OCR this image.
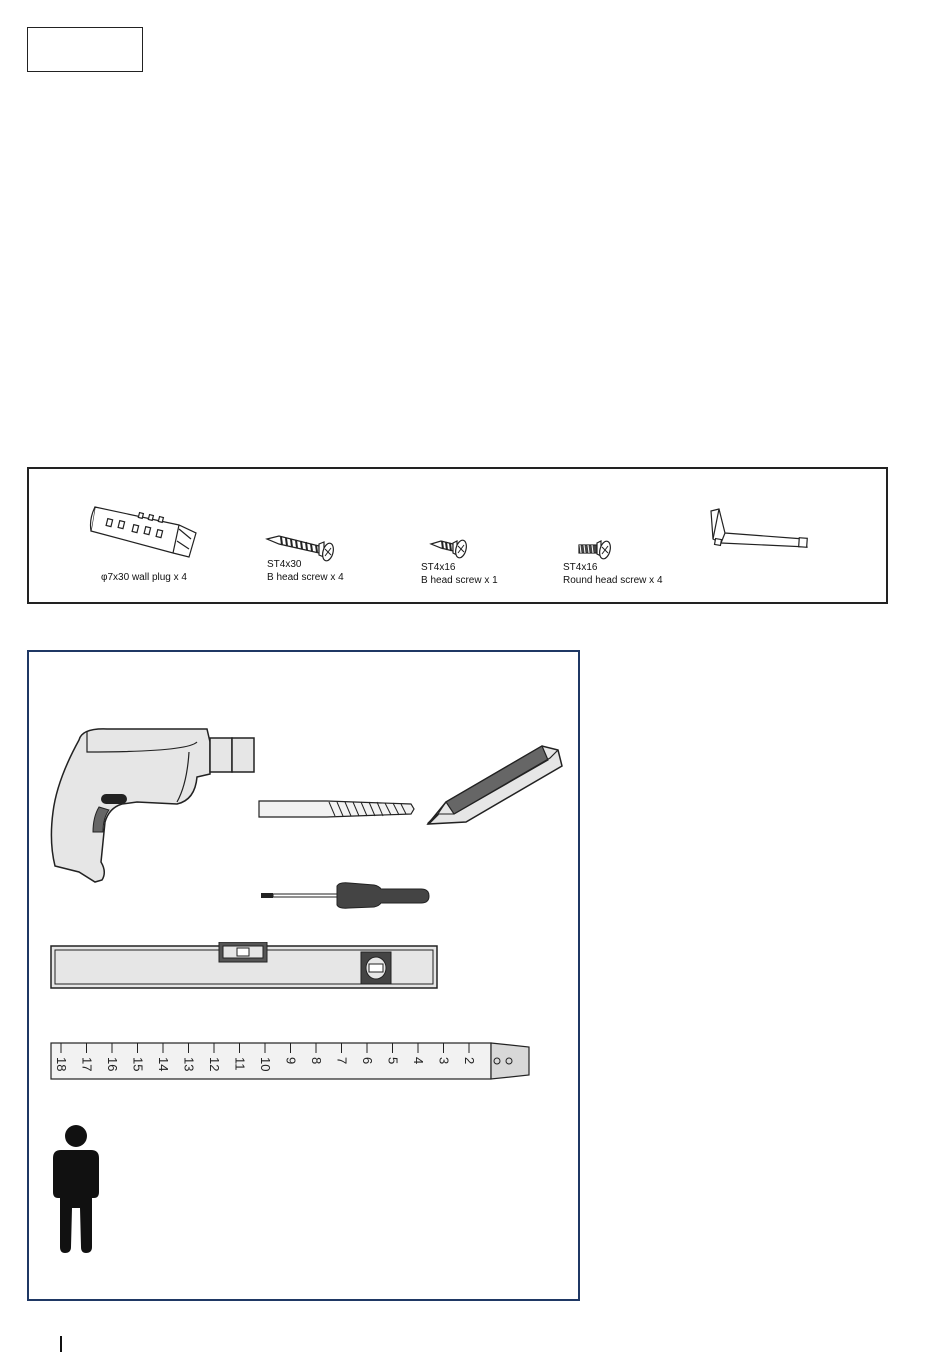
φ7x30 wall plug x 4
ST4x30
B head screw x 4
ST4x16
B head screw x 1
ST4x16
Round head screw x 4
18 17 16 15 14 13 12 11 10 9 8 7 6 5 4 3 2
